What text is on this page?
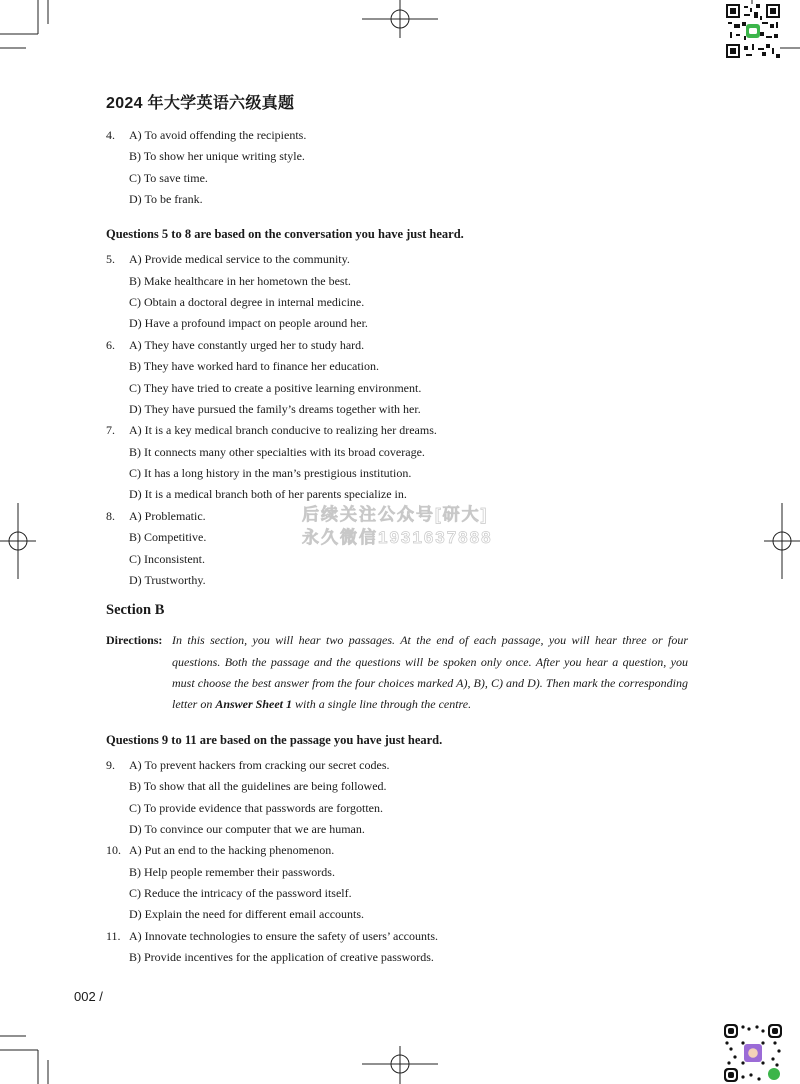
2024 年大学英语六级真题
4. A) To avoid offending the recipients.
B) To show her unique writing style.
C) To save time.
D) To be frank.
Questions 5 to 8 are based on the conversation you have just heard.
5. A) Provide medical service to the community.
B) Make healthcare in her hometown the best.
C) Obtain a doctoral degree in internal medicine.
D) Have a profound impact on people around her.
6. A) They have constantly urged her to study hard.
B) They have worked hard to finance her education.
C) They have tried to create a positive learning environment.
D) They have pursued the family’s dreams together with her.
7. A) It is a key medical branch conducive to realizing her dreams.
B) It connects many other specialties with its broad coverage.
C) It has a long history in the man’s prestigious institution.
D) It is a medical branch both of her parents specialize in.
8. A) Problematic.
B) Competitive.
C) Inconsistent.
D) Trustworthy.
后续关注公众号[研大]
永久微信1931637888
Section B
Directions: In this section, you will hear two passages. At the end of each passage, you will hear three or four
questions. Both the passage and the questions will be spoken only once. After you hear a question, you
must choose the best answer from the four choices marked A), B), C) and D). Then mark the corresponding
letter on Answer Sheet 1 with a single line through the centre.
Questions 9 to 11 are based on the passage you have just heard.
9. A) To prevent hackers from cracking our secret codes.
B) To show that all the guidelines are being followed.
C) To provide evidence that passwords are forgotten.
D) To convince our computer that we are human.
10. A) Put an end to the hacking phenomenon.
B) Help people remember their passwords.
C) Reduce the intricacy of the password itself.
D) Explain the need for different email accounts.
11. A) Innovate technologies to ensure the safety of users’ accounts.
B) Provide incentives for the application of creative passwords.
002 /
